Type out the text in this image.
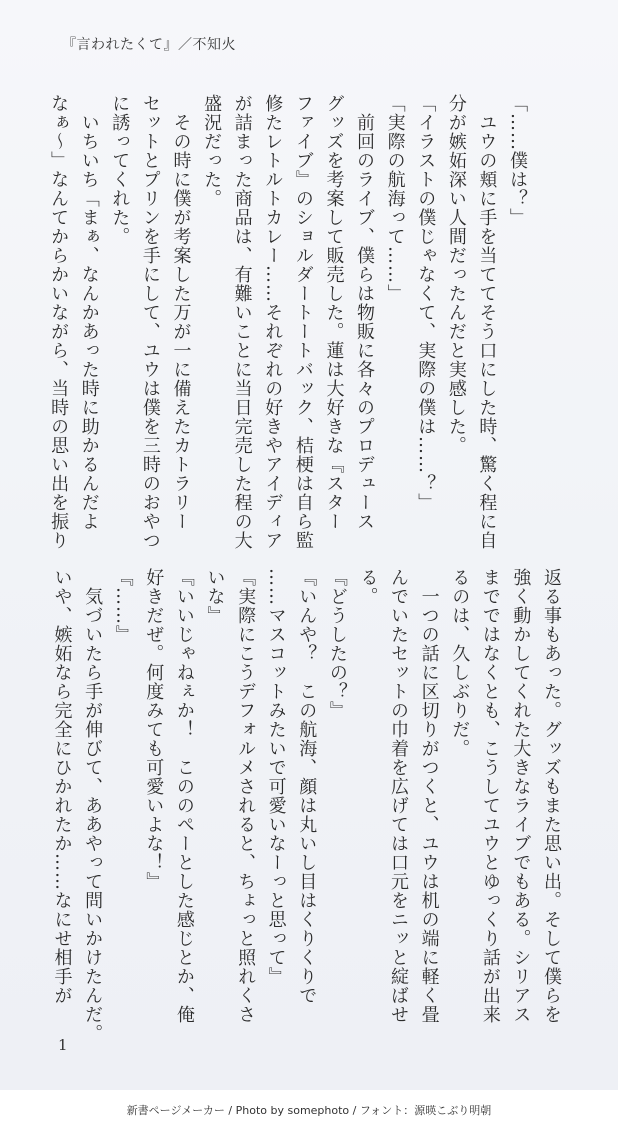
『言われたくて』／不知火
「……僕は？」
　ユウの頬に手を当ててそう口にした時、驚く程に自
分が嫉妬深い人間だったんだと実感した。
「イラストの僕じゃなくて、実際の僕は……？」
「実際の航海って……」
　前回のライブ、僕らは物販に各々のプロデュース
グッズを考案して販売した。蓮は大好きな『スター
ファイブ』のショルダートートバック、桔梗は自ら監
修たレトルトカレー……それぞれの好きやアイディア
が詰まった商品は、有難いことに当日完売した程の大
盛況だった。
　その時に僕が考案した万が一に備えたカトラリー
セットとプリンを手にして、ユウは僕を三時のおやつ
に誘ってくれた。
　いちいち「まぁ、なんかあった時に助かるんだよ
なぁ～」なんてからかいながら、当時の思い出を振り
返る事もあった。グッズもまた思い出。そして僕らを
強く動かしてくれた大きなライブでもある。シリアス
までではなくとも、こうしてユウとゆっくり話が出来
るのは、久しぶりだ。
　一つの話に区切りがつくと、ユウは机の端に軽く畳
んでいたセットの巾着を広げては口元をニッと綻ばせ
る。
『どうしたの？』
『いんや？　この航海、顔は丸いし目はくりくりで
……マスコットみたいで可愛いなーっと思って』
『実際にこうデフォルメされると、ちょっと照れくさ
いな』
『いいじゃねぇか！　こののぺーとした感じとか、俺
好きだぜ。何度みても可愛いよな！』
『……』
　気づいたら手が伸びて、ああやって問いかけたんだ。
いや、嫉妬なら完全にひかれたか……なにせ相手が
1
新書ページメーカー / Photo by somephoto / フォント：源暎こぶり明朝
